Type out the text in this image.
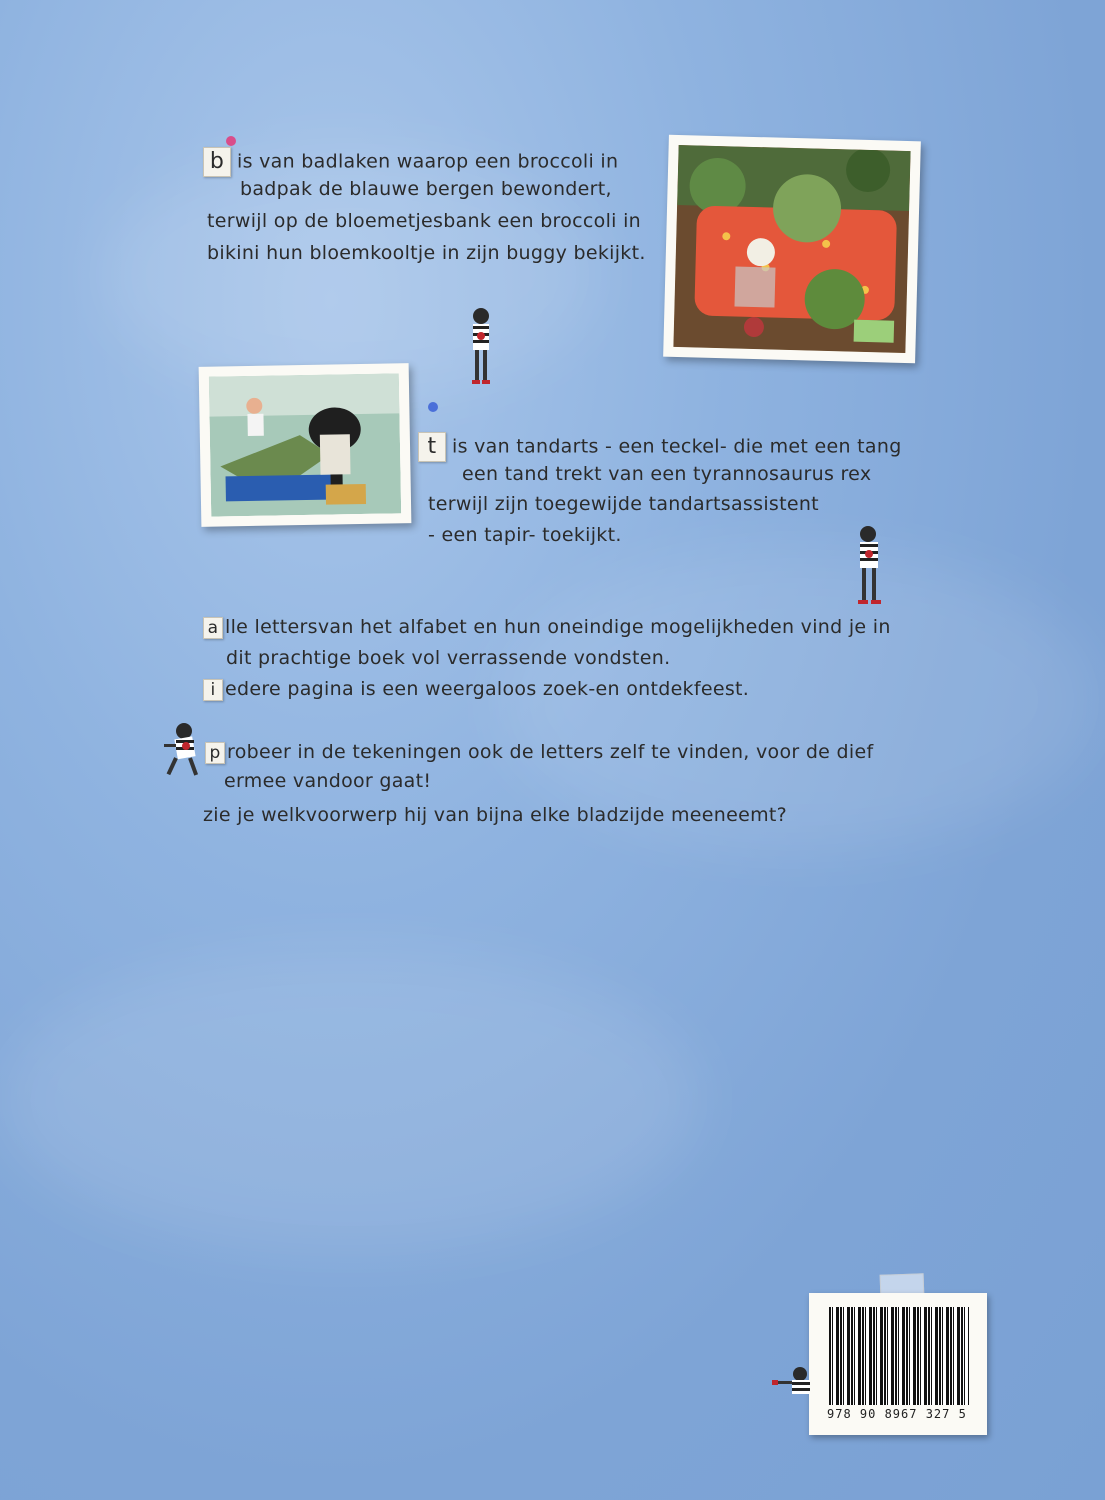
b is van badlaken waarop een broccoli in
badpak de blauwe bergen bewondert,
terwijl op de bloemetjesbank een broccoli in
bikini hun bloemkooltje in zijn buggy bekijkt.
t is van tandarts - een teckel- die met een tang
een tand trekt van een tyrannosaurus rex
terwijl zijn toegewijde tandartsassistent
- een tapir- toekijkt.
a lle lettersvan het alfabet en hun oneindige mogelijkheden vind je in
dit prachtige boek vol verrassende vondsten.
i edere pagina is een weergaloos zoek-en ontdekfeest.
p robeer in de tekeningen ook de letters zelf te vinden, voor de dief
ermee vandoor gaat!
zie je welkvoorwerp hij van bijna elke bladzijde meeneemt?
978 90 8967 327 5
